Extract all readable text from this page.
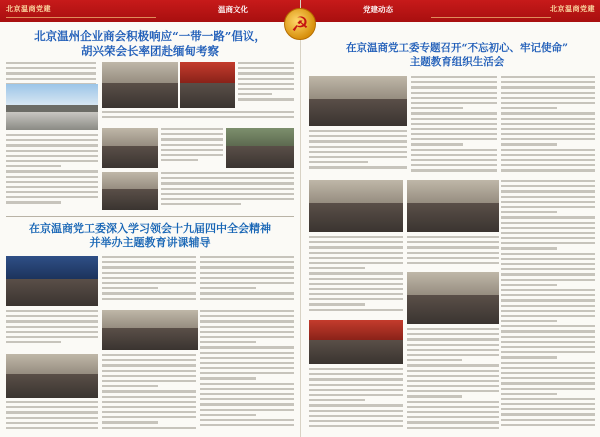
北京温商党建	温商文化
北京温州企业商会积极响应“一带一路”倡议，
胡兴荣会长率团赴缅甸考察
在京温商党工委深入学习领会十九届四中全会精神
并举办主题教育讲课辅导
党建动态	北京温商党建
在京温商党工委专题召开“不忘初心、牢记使命”
主题教育组织生活会
☭
